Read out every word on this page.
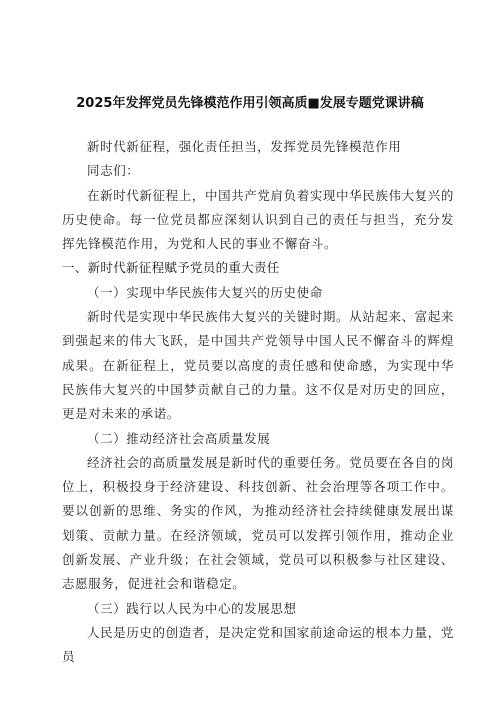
2025年发挥党员先锋模范作用引领高质■发展专题党课讲稿

新时代新征程，强化责任担当，发挥党员先锋模范作用

同志们：

在新时代新征程上，中国共产党肩负着实现中华民族伟大复兴的历史使命。每一位党员都应深刻认识到自己的责任与担当，充分发挥先锋模范作用，为党和人民的事业不懈奋斗。

一、新时代新征程赋予党员的重大责任

（一）实现中华民族伟大复兴的历史使命

新时代是实现中华民族伟大复兴的关键时期。从站起来、富起来到强起来的伟大飞跃，是中国共产党领导中国人民不懈奋斗的辉煌成果。在新征程上，党员要以高度的责任感和使命感，为实现中华民族伟大复兴的中国梦贡献自己的力量。这不仅是对历史的回应，更是对未来的承诺。

（二）推动经济社会高质量发展

经济社会的高质量发展是新时代的重要任务。党员要在各自的岗位上，积极投身于经济建设、科技创新、社会治理等各项工作中。要以创新的思维、务实的作风，为推动经济社会持续健康发展出谋划策、贡献力量。在经济领域，党员可以发挥引领作用，推动企业创新发展、产业升级；在社会领域，党员可以积极参与社区建设、志愿服务，促进社会和谐稳定。

（三）践行以人民为中心的发展思想

人民是历史的创造者，是决定党和国家前途命运的根本力量，党员
